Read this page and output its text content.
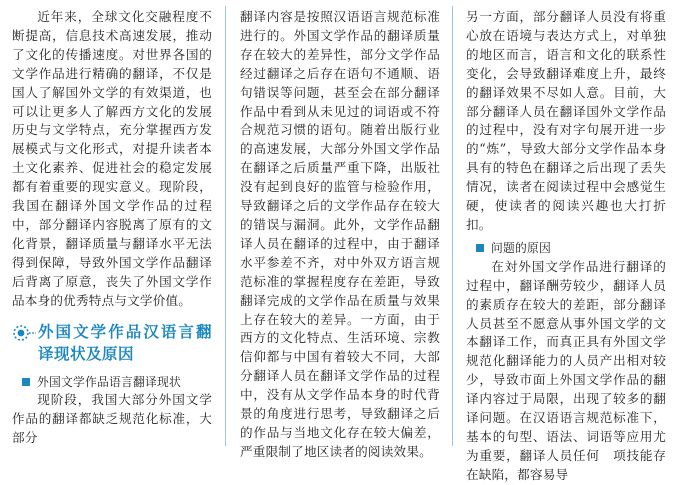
近年来，全球文化交融程度不断提高，信息技术高速发展，推动了文化的传播速度。对世界各国的文学作品进行精确的翻译，不仅是国人了解国外文学的有效渠道，也可以让更多人了解西方文化的发展历史与文学特点，充分掌握西方发展模式与文化形式，对提升读者本土文化素养、促进社会的稳定发展都有着重要的现实意义。现阶段，我国在翻译外国文学作品的过程中，部分翻译内容脱离了原有的文化背景，翻译质量与翻译水平无法得到保障，导致外国文学作品翻译后背离了原意，丧失了外国文学作品本身的优秀特点与文学价值。

外国文学作品汉语言翻译现状及原因
外国文学作品语言翻译现状

现阶段，我国大部分外国文学作品的翻译都缺乏规范化标准，大部分

翻译内容是按照汉语语言规范标准进行的。外国文学作品的翻译质量存在较大的差异性，部分文学作品经过翻译之后存在语句不通顺、语句错误等问题，甚至会在部分翻译作品中看到从未见过的词语或不符合规范习惯的语句。随着出版行业的高速发展，大部分外国文学作品在翻译之后质量严重下降，出版社没有起到良好的监管与检验作用，导致翻译之后的文学作品存在较大的错误与漏洞。此外，文学作品翻译人员在翻译的过程中，由于翻译水平参差不齐，对中外双方语言规范标准的掌握程度存在差距，导致翻译完成的文学作品在质量与效果上存在较大的差异。一方面，由于西方的文化特点、生活环境、宗教信仰都与中国有着较大不同，大部分翻译人员在翻译文学作品的过程中，没有从文学作品本身的时代背景的角度进行思考，导致翻译之后的作品与当地文化存在较大偏差，严重限制了地区读者的阅读效果。

另一方面，部分翻译人员没有将重心放在语境与表达方式上，对单独的地区而言，语言和文化的联系性变化，会导致翻译难度上升，最终的翻译效果不尽如人意。目前，大部分翻译人员在翻译国外文学作品的过程中，没有对字句展开进一步的“炼”，导致大部分文学作品本身具有的特色在翻译之后出现了丢失情况，读者在阅读过程中会感觉生硬，使读者的阅读兴趣也大打折扣。

问题的原因

在対外国文学作品进行翻译的过程中，翻译酬劳较少，翻译人员的素质存在较大的差距，部分翻译人员甚至不愿意从事外国文学的文本翻译工作，而真正具有外国文学规范化翻译能力的人员产出相对较少，导致市面上外国文学作品的翻译内容过于局限，出现了较多的翻译问题。在汉语语言规范标准下，基本的句型、语法、词语等应用尤为重要，翻译人员任何　项技能存在缺陷，都容易导
